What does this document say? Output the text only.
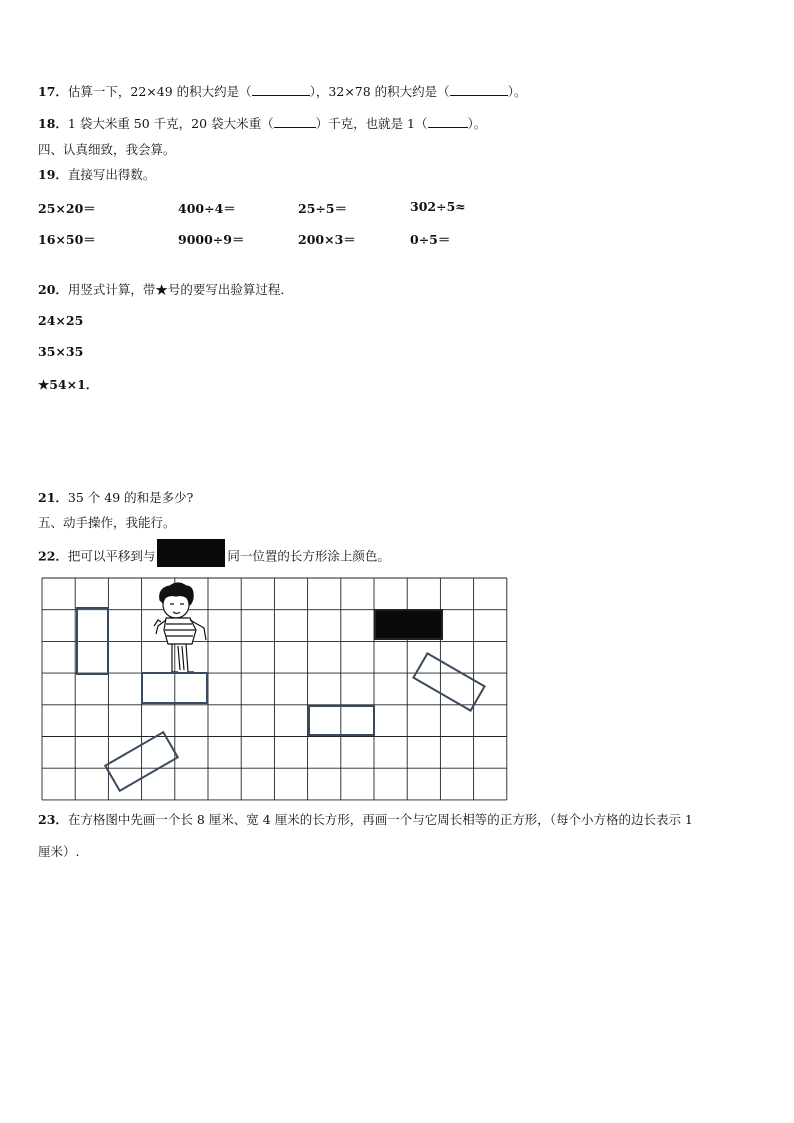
17．估算一下，22×49 的积大约是（	），32×78 的积大约是（	）。
18．1 袋大米重 50 千克，20 袋大米重（	）千克，也就是 1（	）。
四、认真细致，我会算。
19．直接写出得数。
25×20＝	400÷4＝	25÷5＝	302÷5≈
16×50＝	9000÷9＝	200×3＝	0÷5＝
20．用竖式计算，带★号的要写出验算过程．
24×25
35×35
★54×1．
21．35 个 49 的和是多少?
五、动手操作，我能行。
22．把可以平移到与	同一位置的长方形涂上颜色。
23．在方格图中先画一个长 8 厘米、宽 4 厘米的长方形，再画一个与它周长相等的正方形，（每个小方格的边长表示 1
厘米）.
